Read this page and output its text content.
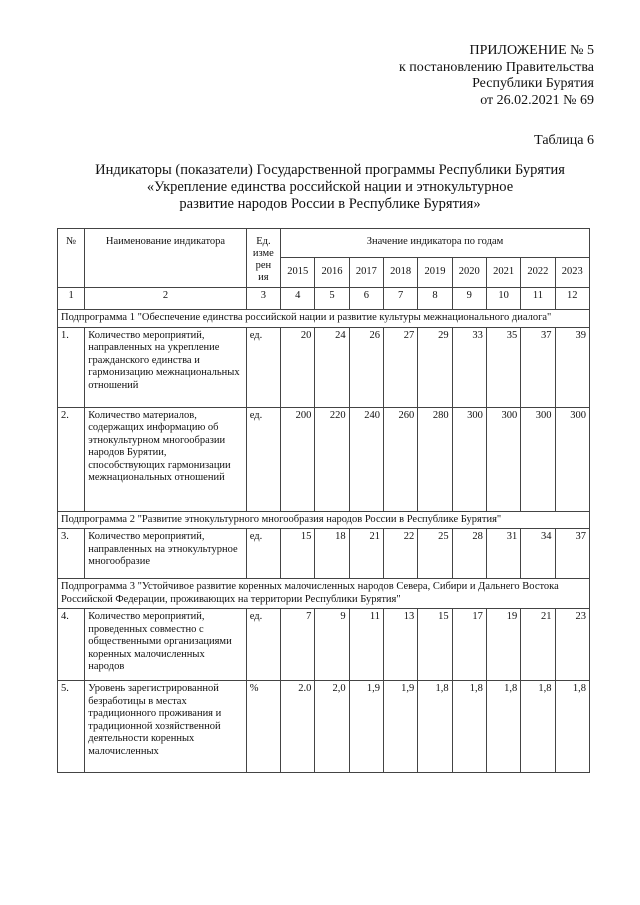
ПРИЛОЖЕНИЕ № 5
к постановлению Правительства
Республики Бурятия
от 26.02.2021 № 69
Таблица 6
Индикаторы (показатели) Государственной программы Республики Бурятия
«Укрепление единства российской нации и этнокультурное
развитие народов России в Республике Бурятия»
№	Наименование индикатора	Ед. изме рен ия	Значение индикатора по годам								
			2015	2016	2017	2018	2019	2020	2021	2022	2023
1	2	3	4	5	6	7	8	9	10	11	12
Подпрограмма 1 "Обеспечение единства российской нации и развитие культуры межнационального диалога"											
1.	Количество мероприятий, направленных на укрепление гражданского единства и гармонизацию межнациональных отношений	ед.	20	24	26	27	29	33	35	37	39
2.	Количество материалов, содержащих информацию об этнокультурном многообразии народов Бурятии, способствующих гармонизации межнациональных отношений	ед.	200	220	240	260	280	300	300	300	300
Подпрограмма 2 "Развитие этнокультурного многообразия народов России в Республике Бурятия"											
3.	Количество мероприятий, направленных на этнокультурное многообразие	ед.	15	18	21	22	25	28	31	34	37
Подпрограмма 3 "Устойчивое развитие коренных малочисленных народов Севера, Сибири и Дальнего Востока Российской Федерации, проживающих на территории Республики Бурятия"											
4.	Количество мероприятий, проведенных совместно с общественными организациями коренных малочисленных народов	ед.	7	9	11	13	15	17	19	21	23
5.	Уровень зарегистрированной безработицы в местах традиционного проживания и традиционной хозяйственной деятельности коренных малочисленных	%	2.0	2,0	1,9	1,9	1,8	1,8	1,8	1,8	1,8
